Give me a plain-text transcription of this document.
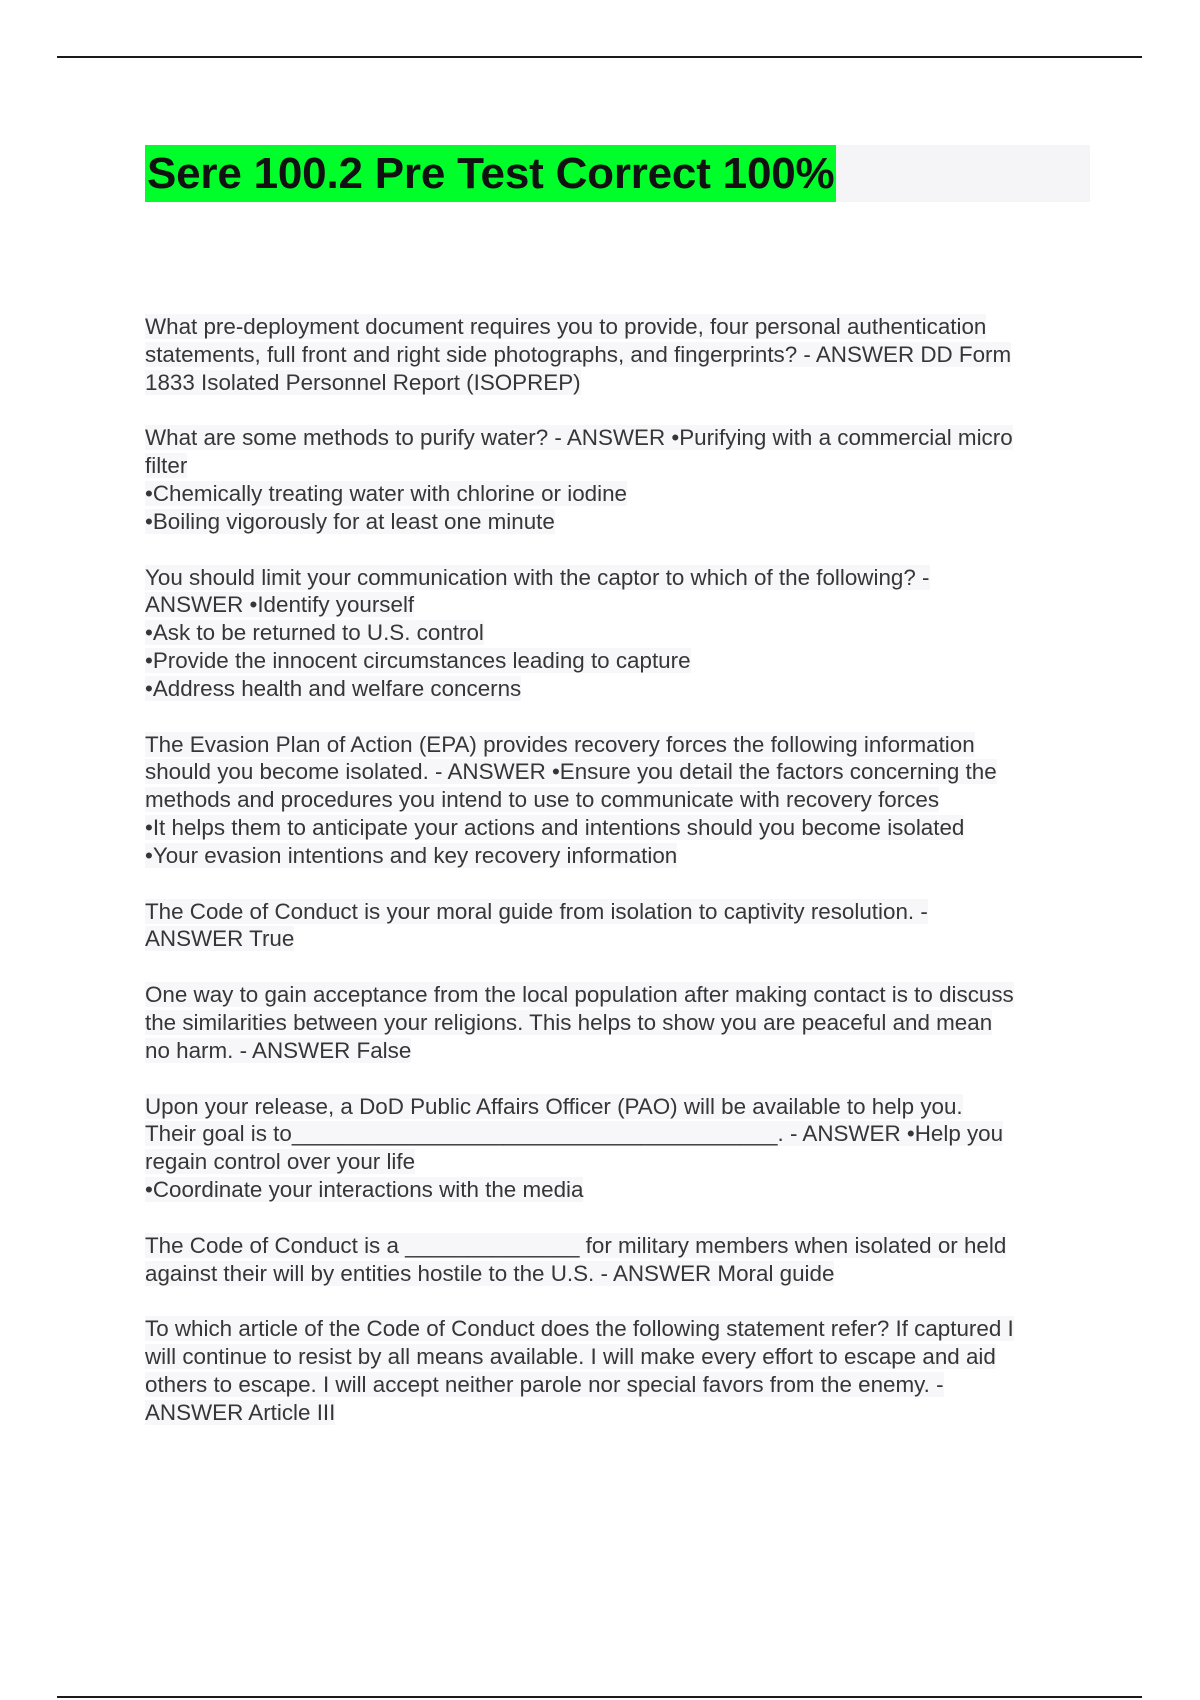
Sere 100.2 Pre Test Correct 100%
What pre-deployment document requires you to provide, four personal authentication
statements, full front and right side photographs, and fingerprints? - ANSWER DD Form
1833 Isolated Personnel Report (ISOPREP)
What are some methods to purify water? - ANSWER •Purifying with a commercial micro
filter
•Chemically treating water with chlorine or iodine
•Boiling vigorously for at least one minute
You should limit your communication with the captor to which of the following? -
ANSWER •Identify yourself
•Ask to be returned to U.S. control
•Provide the innocent circumstances leading to capture
•Address health and welfare concerns
The Evasion Plan of Action (EPA) provides recovery forces the following information
should you become isolated. - ANSWER •Ensure you detail the factors concerning the
methods and procedures you intend to use to communicate with recovery forces
•It helps them to anticipate your actions and intentions should you become isolated
•Your evasion intentions and key recovery information
The Code of Conduct is your moral guide from isolation to captivity resolution. -
ANSWER True
One way to gain acceptance from the local population after making contact is to discuss
the similarities between your religions. This helps to show you are peaceful and mean
no harm. - ANSWER False
Upon your release, a DoD Public Affairs Officer (PAO) will be available to help you.
Their goal is to_______________________________________. - ANSWER •Help you
regain control over your life
•Coordinate your interactions with the media
The Code of Conduct is a ______________ for military members when isolated or held
against their will by entities hostile to the U.S. - ANSWER Moral guide
To which article of the Code of Conduct does the following statement refer? If captured I
will continue to resist by all means available. I will make every effort to escape and aid
others to escape. I will accept neither parole nor special favors from the enemy. -
ANSWER Article III
